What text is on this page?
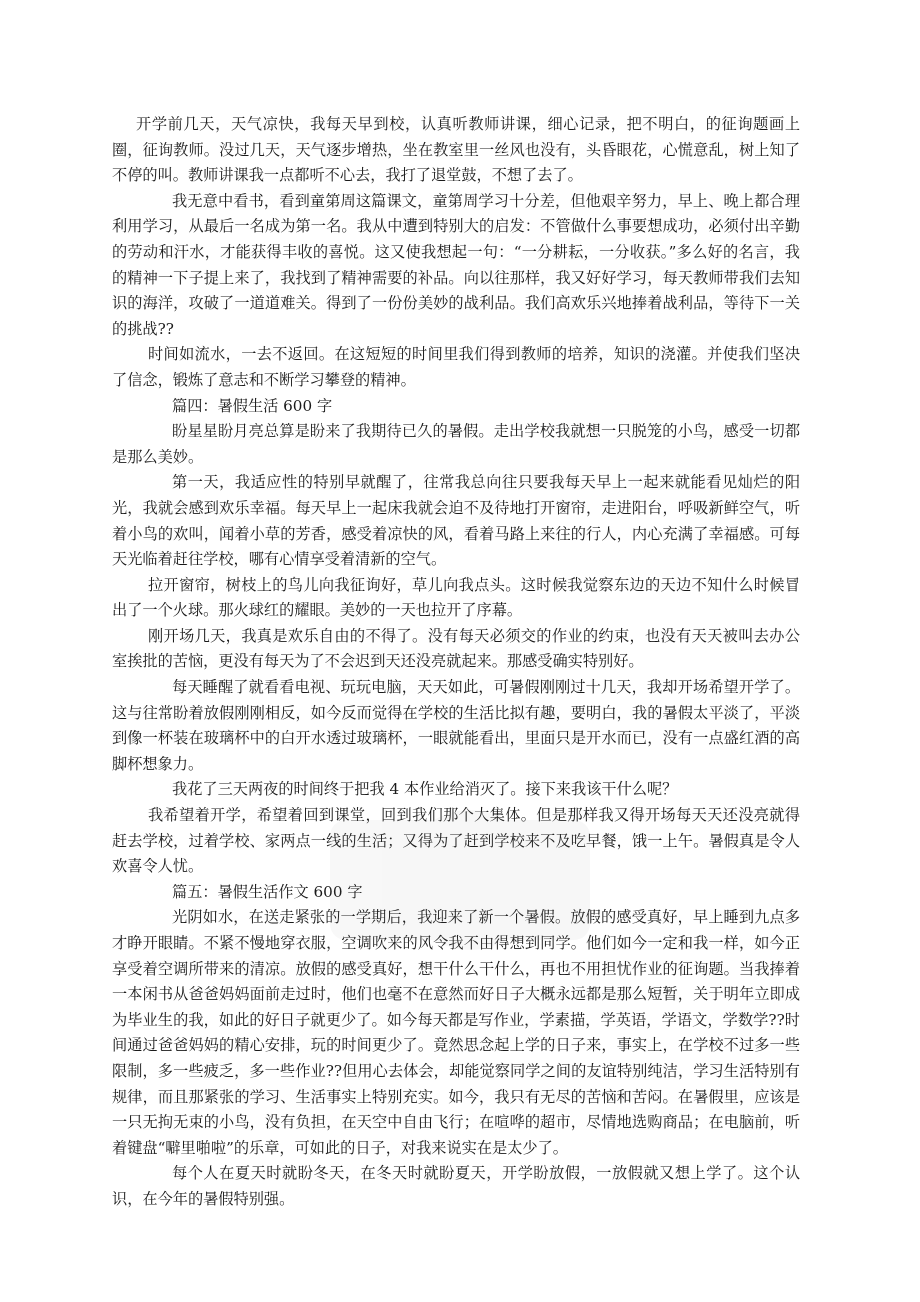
开学前几天，天气凉快，我每天早到校，认真听教师讲课，细心记录，把不明白，的征询题画上圈，征询教师。没过几天，天气逐步增热，坐在教室里一丝风也没有，头昏眼花，心慌意乱，树上知了不停的叫。教师讲课我一点都听不心去，我打了退堂鼓，不想了去了。

我无意中看书，看到童第周这篇课文，童第周学习十分差，但他艰辛努力，早上、晚上都合理利用学习，从最后一名成为第一名。我从中遭到特别大的启发：不管做什么事要想成功，必须付出辛勤的劳动和汗水，才能获得丰收的喜悦。这又使我想起一句：“一分耕耘，一分收获。”多么好的名言，我的精神一下子提上来了，我找到了精神需要的补品。向以往那样，我又好好学习，每天教师带我们去知识的海洋，攻破了一道道难关。得到了一份份美妙的战利品。我们高欢乐兴地捧着战利品，等待下一关的挑战??

时间如流水，一去不返回。在这短短的时间里我们得到教师的培养，知识的浇灌。并使我们坚决了信念，锻炼了意志和不断学习攀登的精神。

篇四：暑假生活 600 字

盼星星盼月亮总算是盼来了我期待已久的暑假。走出学校我就想一只脱笼的小鸟，感受一切都是那么美妙。

第一天，我适应性的特别早就醒了，往常我总向往只要我每天早上一起来就能看见灿烂的阳光，我就会感到欢乐幸福。每天早上一起床我就会迫不及待地打开窗帘，走进阳台，呼吸新鲜空气，听着小鸟的欢叫，闻着小草的芳香，感受着凉快的风，看着马路上来往的行人，内心充满了幸福感。可每天光临着赶往学校，哪有心情享受着清新的空气。

拉开窗帘，树枝上的鸟儿向我征询好，草儿向我点头。这时候我觉察东边的天边不知什么时候冒出了一个火球。那火球红的耀眼。美妙的一天也拉开了序幕。

刚开场几天，我真是欢乐自由的不得了。没有每天必须交的作业的约束，也没有天天被叫去办公室挨批的苦恼，更没有每天为了不会迟到天还没亮就起来。那感受确实特别好。

每天睡醒了就看看电视、玩玩电脑，天天如此，可暑假刚刚过十几天，我却开场希望开学了。这与往常盼着放假刚刚相反，如今反而觉得在学校的生活比拟有趣，要明白，我的暑假太平淡了，平淡到像一杯装在玻璃杯中的白开水透过玻璃杯，一眼就能看出，里面只是开水而已，没有一点盛红酒的高脚杯想象力。

我花了三天两夜的时间终于把我 4 本作业给消灭了。接下来我该干什么呢？

我希望着开学，希望着回到课堂，回到我们那个大集体。但是那样我又得开场每天天还没亮就得赶去学校，过着学校、家两点一线的生活；又得为了赶到学校来不及吃早餐，饿一上午。暑假真是令人欢喜令人忧。

篇五：暑假生活作文 600 字

光阴如水，在送走紧张的一学期后，我迎来了新一个暑假。放假的感受真好，早上睡到九点多才睁开眼睛。不紧不慢地穿衣服，空调吹来的风令我不由得想到同学。他们如今一定和我一样，如今正享受着空调所带来的清凉。放假的感受真好，想干什么干什么，再也不用担忧作业的征询题。当我捧着一本闲书从爸爸妈妈面前走过时，他们也毫不在意然而好日子大概永远都是那么短暂，关于明年立即成为毕业生的我，如此的好日子就更少了。如今每天都是写作业，学素描，学英语，学语文，学数学??时间通过爸爸妈妈的精心安排，玩的时间更少了。竟然思念起上学的日子来，事实上，在学校不过多一些限制，多一些疲乏，多一些作业??但用心去体会，却能觉察同学之间的友谊特别纯洁，学习生活特别有规律，而且那紧张的学习、生活事实上特别充实。如今，我只有无尽的苦恼和苦闷。在暑假里，应该是一只无拘无束的小鸟，没有负担，在天空中自由飞行；在喧哗的超市，尽情地选购商品；在电脑前，听着键盘“噼里啪啦”的乐章，可如此的日子，对我来说实在是太少了。

每个人在夏天时就盼冬天，在冬天时就盼夏天，开学盼放假，一放假就又想上学了。这个认识，在今年的暑假特别强。
